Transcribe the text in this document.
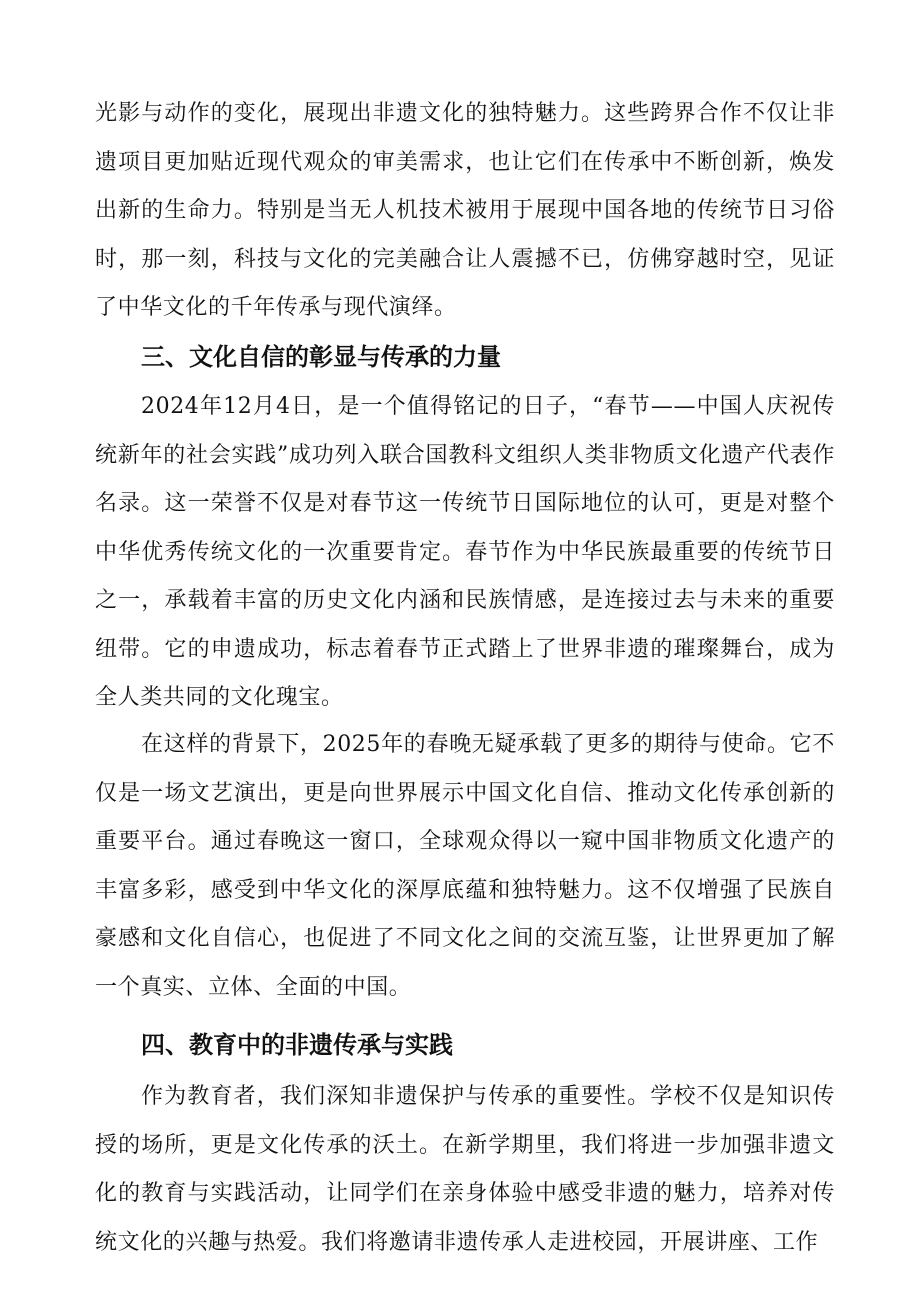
光影与动作的变化，展现出非遗文化的独特魅力。这些跨界合作不仅让非遗项目更加贴近现代观众的审美需求，也让它们在传承中不断创新，焕发出新的生命力。特别是当无人机技术被用于展现中国各地的传统节日习俗时，那一刻，科技与文化的完美融合让人震撼不已，仿佛穿越时空，见证了中华文化的千年传承与现代演绎。

三、文化自信的彰显与传承的力量

2024年12月4日，是一个值得铭记的日子，“春节——中国人庆祝传统新年的社会实践”成功列入联合国教科文组织人类非物质文化遗产代表作名录。这一荣誉不仅是对春节这一传统节日国际地位的认可，更是对整个中华优秀传统文化的一次重要肯定。春节作为中华民族最重要的传统节日之一，承载着丰富的历史文化内涵和民族情感，是连接过去与未来的重要纽带。它的申遗成功，标志着春节正式踏上了世界非遗的璀璨舞台，成为全人类共同的文化瑰宝。

在这样的背景下，2025年的春晚无疑承载了更多的期待与使命。它不仅是一场文艺演出，更是向世界展示中国文化自信、推动文化传承创新的重要平台。通过春晚这一窗口，全球观众得以一窥中国非物质文化遗产的丰富多彩，感受到中华文化的深厚底蕴和独特魅力。这不仅增强了民族自豪感和文化自信心，也促进了不同文化之间的交流互鉴，让世界更加了解一个真实、立体、全面的中国。

四、教育中的非遗传承与实践

作为教育者，我们深知非遗保护与传承的重要性。学校不仅是知识传授的场所，更是文化传承的沃土。在新学期里，我们将进一步加强非遗文化的教育与实践活动，让同学们在亲身体验中感受非遗的魅力，培养对传统文化的兴趣与热爱。我们将邀请非遗传承人走进校园，开展讲座、工作
